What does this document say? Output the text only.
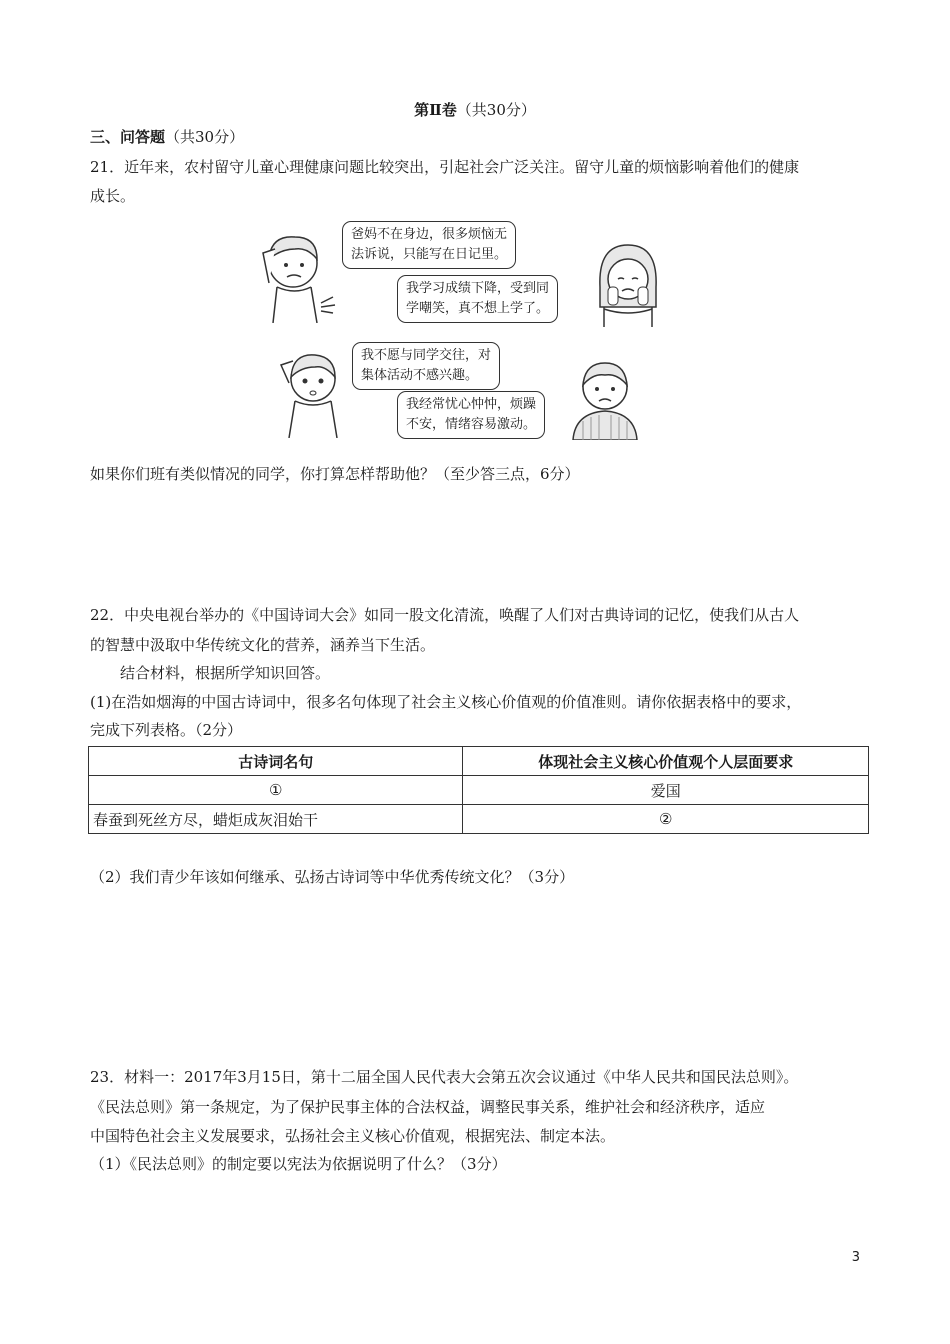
第Ⅱ卷（共30分）
三、问答题（共30分）
21．近年来，农村留守儿童心理健康问题比较突出，引起社会广泛关注。留守儿童的烦恼影响着他们的健康
成长。
爸妈不在身边，很多烦恼无
法诉说，只能写在日记里。
我学习成绩下降，受到同
学嘲笑，真不想上学了。
我不愿与同学交往，对
集体活动不感兴趣。
我经常忧心忡忡，烦躁
不安，情绪容易激动。
如果你们班有类似情况的同学，你打算怎样帮助他？（至少答三点，6分）
22．中央电视台举办的《中国诗词大会》如同一股文化清流，唤醒了人们对古典诗词的记忆，使我们从古人
的智慧中汲取中华传统文化的营养，涵养当下生活。
结合材料，根据所学知识回答。
(1)在浩如烟海的中国古诗词中，很多名句体现了社会主义核心价值观的价值准则。请你依据表格中的要求，
完成下列表格。（2分）
古诗词名句	体现社会主义核心价值观个人层面要求
①	爱国
春蚕到死丝方尽，蜡炬成灰泪始干	②
（2）我们青少年该如何继承、弘扬古诗词等中华优秀传统文化？（3分）
23．材料一：2017年3月15日，第十二届全国人民代表大会第五次会议通过《中华人民共和国民法总则》。
《民法总则》第一条规定，为了保护民事主体的合法权益，调整民事关系，维护社会和经济秩序，适应
中国特色社会主义发展要求，弘扬社会主义核心价值观，根据宪法、制定本法。
（1）《民法总则》的制定要以宪法为依据说明了什么？（3分）
3
